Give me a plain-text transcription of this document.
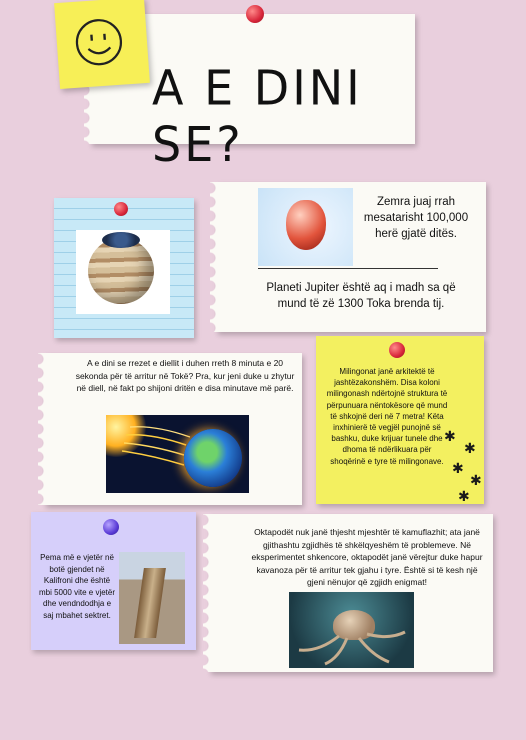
A E DINI SE?
Zemra juaj rrah mesatarisht 100,000 herë gjatë ditës.
Planeti Jupiter është aq i madh sa që mund të zë 1300 Toka brenda tij.
A e dini se rrezet e diellit i duhen rreth 8 minuta e 20 sekonda për të arritur në Tokë? Pra, kur jeni duke u zhytur në diell, në fakt po shijoni dritën e disa minutave më parë.
Milingonat janë arkitektë të jashtëzakonshëm. Disa koloni milingonash ndërtojnë struktura të përpunuara nëntokësore që mund të shkojnë deri në 7 metra! Këta inxhinierë të vegjël punojnë së bashku, duke krijuar tunele dhe dhoma të ndërlikuara për shoqërinë e tyre të milingonave.
✱
✱
✱
✱
✱
Pema më e vjetër në botë gjendet në Kalifroni dhe është mbi 5000 vite e vjetër dhe vendndodhja e saj mbahet sektret.
Oktapodët nuk janë thjesht mjeshtër të kamuflazhit; ata janë gjithashtu zgjidhës të shkëlqyeshëm të problemeve. Në eksperimentet shkencore, oktapodët janë vërejtur duke hapur kavanoza për të arritur tek gjahu i tyre. Është si të kesh një gjeni nënujor që zgjidh enigmat!
